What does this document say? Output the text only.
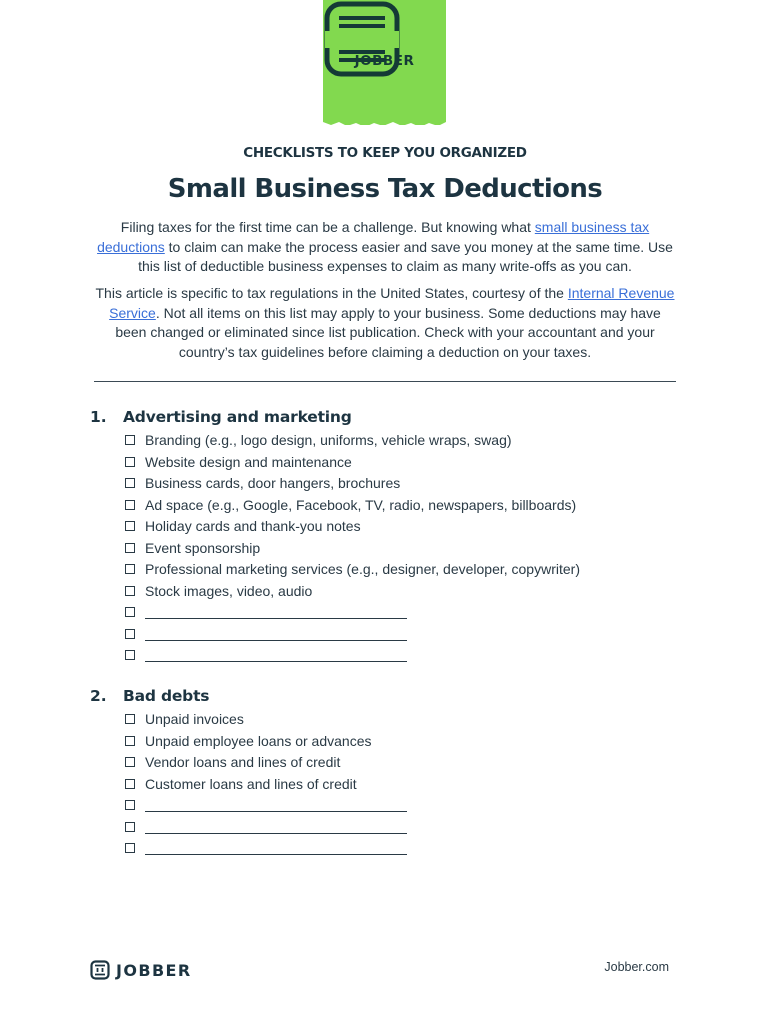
JOBBER
CHECKLISTS TO KEEP YOU ORGANIZED
Small Business Tax Deductions

Filing taxes for the first time can be a challenge. But knowing what small business tax deductions to claim can make the process easier and save you money at the same time. Use this list of deductible business expenses to claim as many write-offs as you can.

This article is specific to tax regulations in the United States, courtesy of the Internal Revenue Service. Not all items on this list may apply to your business. Some deductions may have been changed or eliminated since list publication. Check with your accountant and your country’s tax guidelines before claiming a deduction on your taxes.

1. Advertising and marketing
Branding (e.g., logo design, uniforms, vehicle wraps, swag)
Website design and maintenance
Business cards, door hangers, brochures
Ad space (e.g., Google, Facebook, TV, radio, newspapers, billboards)
Holiday cards and thank-you notes
Event sponsorship
Professional marketing services (e.g., designer, developer, copywriter)
Stock images, video, audio
2. Bad debts
Unpaid invoices
Unpaid employee loans or advances
Vendor loans and lines of credit
Customer loans and lines of credit
JOBBER	Jobber.com
